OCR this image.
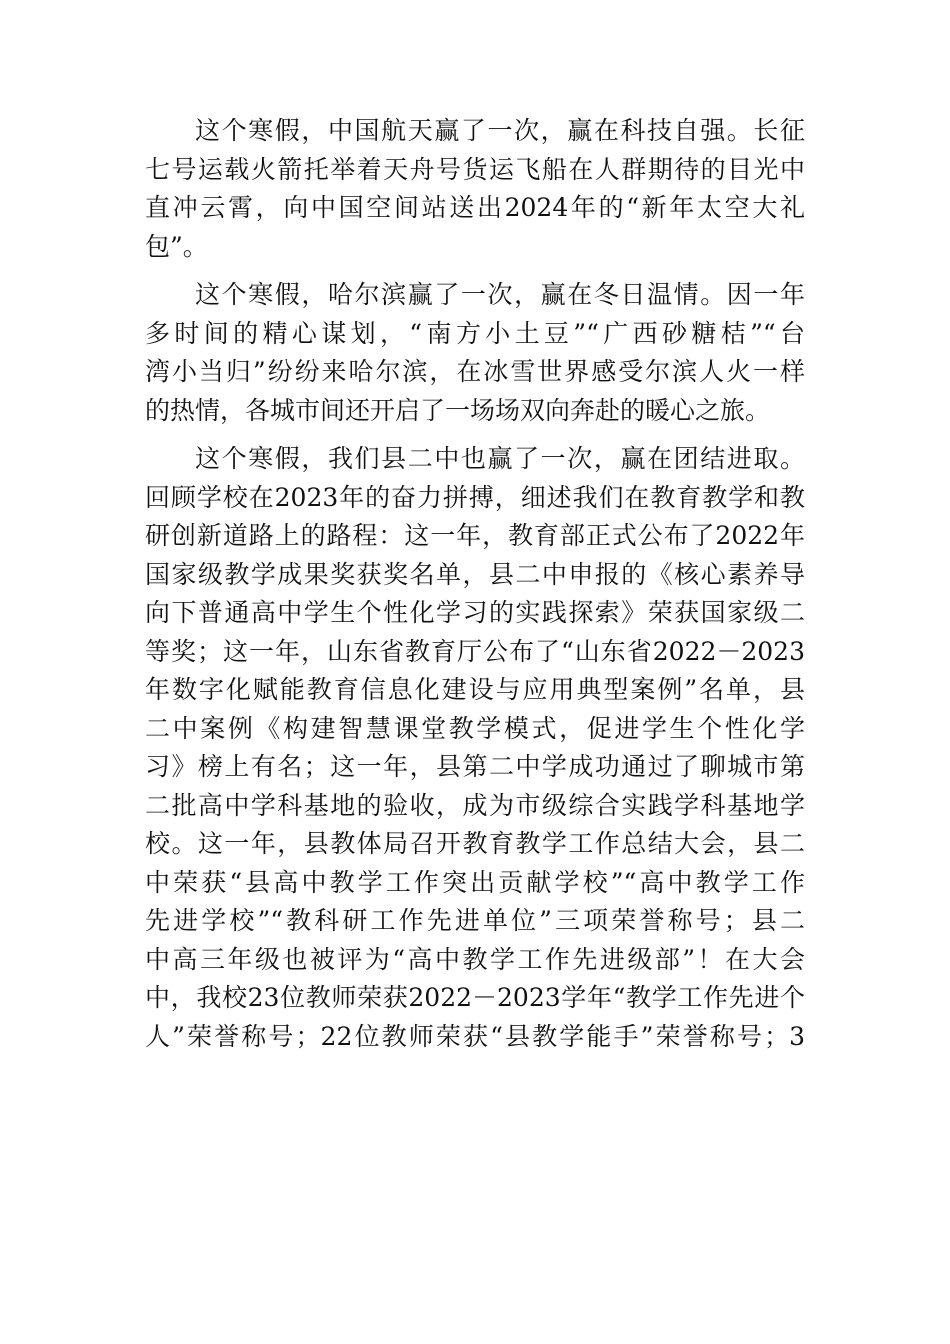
这个寒假，中国航天赢了一次，赢在科技自强。长征
七号运载火箭托举着天舟号货运飞船在人群期待的目光中
直冲云霄，向中国空间站送出2024年的“新年太空大礼
包”。
这个寒假，哈尔滨赢了一次，赢在冬日温情。因一年
多时间的精心谋划，“南方小土豆”“广西砂糖桔”“台
湾小当归”纷纷来哈尔滨，在冰雪世界感受尔滨人火一样
的热情，各城市间还开启了一场场双向奔赴的暖心之旅。
这个寒假，我们县二中也赢了一次，赢在团结进取。
回顾学校在2023年的奋力拼搏，细述我们在教育教学和教
研创新道路上的路程：这一年，教育部正式公布了2022年
国家级教学成果奖获奖名单，县二中申报的《核心素养导
向下普通高中学生个性化学习的实践探索》荣获国家级二
等奖；这一年，山东省教育厅公布了“山东省2022－2023
年数字化赋能教育信息化建设与应用典型案例”名单，县
二中案例《构建智慧课堂教学模式，促进学生个性化学
习》榜上有名；这一年，县第二中学成功通过了聊城市第
二批高中学科基地的验收，成为市级综合实践学科基地学
校。这一年，县教体局召开教育教学工作总结大会，县二
中荣获“县高中教学工作突出贡献学校”“高中教学工作
先进学校”“教科研工作先进单位”三项荣誉称号；县二
中高三年级也被评为“高中教学工作先进级部”！在大会
中，我校23位教师荣获2022－2023学年“教学工作先进个
人”荣誉称号；22位教师荣获“县教学能手”荣誉称号；3
